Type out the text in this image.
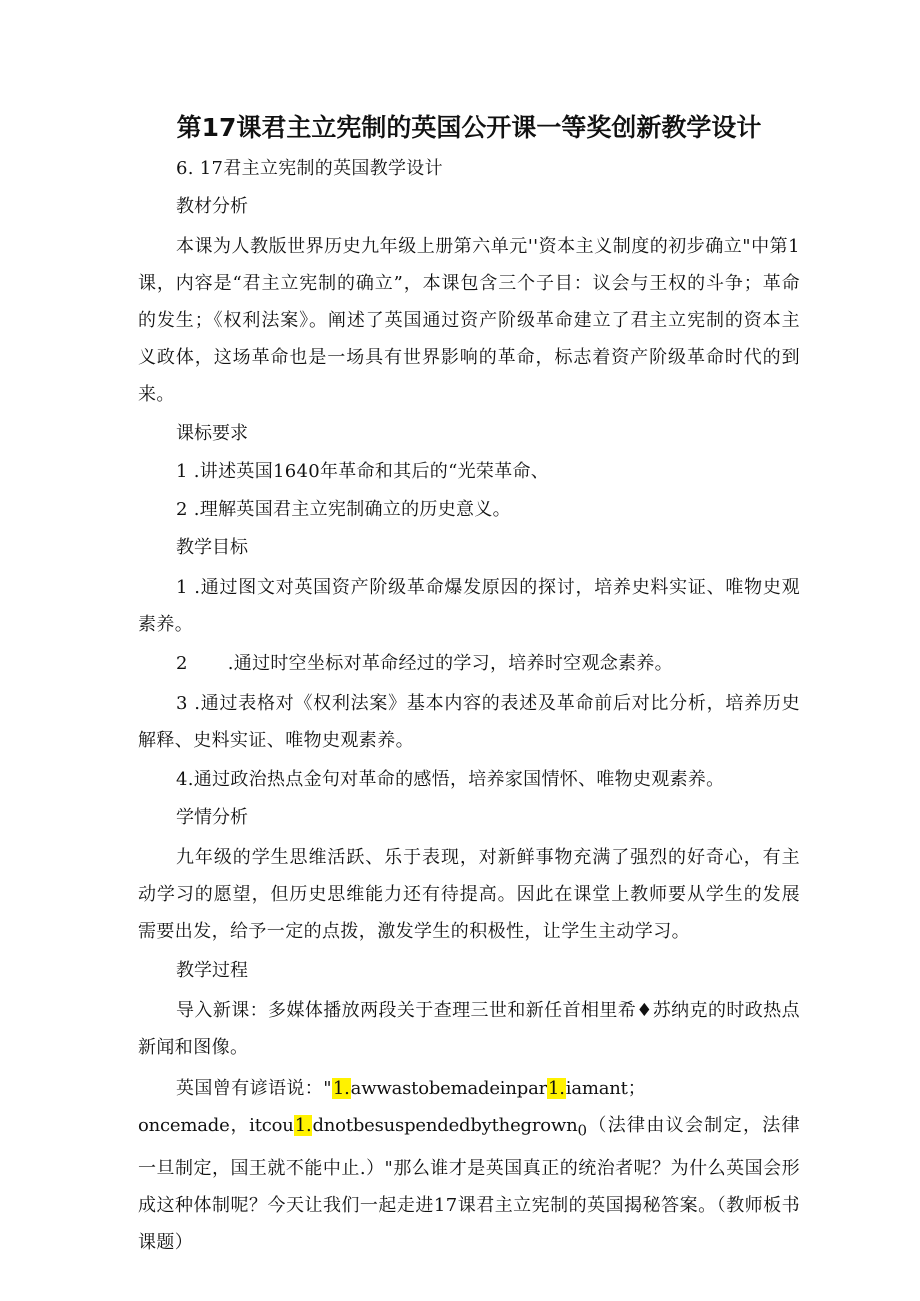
第17课君主立宪制的英国公开课一等奖创新教学设计
6. 17君主立宪制的英国教学设计
教材分析
本课为人教版世界历史九年级上册第六单元''资本主义制度的初步确立"中第1课，内容是“君主立宪制的确立”，本课包含三个子目：议会与王权的斗争；革命的发生；《权利法案》。阐述了英国通过资产阶级革命建立了君主立宪制的资本主义政体，这场革命也是一场具有世界影响的革命，标志着资产阶级革命时代的到来。
课标要求
1 .讲述英国1640年革命和其后的“光荣革命、
2 .理解英国君主立宪制确立的历史意义。
教学目标
1 .通过图文对英国资产阶级革命爆发原因的探讨，培养史料实证、唯物史观素养。
2 .通过时空坐标对革命经过的学习，培养时空观念素养。
3 .通过表格对《权利法案》基本内容的表述及革命前后对比分析，培养历史解释、史料实证、唯物史观素养。
4.通过政治热点金句对革命的感悟，培养家国情怀、唯物史观素养。
学情分析
九年级的学生思维活跃、乐于表现，对新鲜事物充满了强烈的好奇心，有主动学习的愿望，但历史思维能力还有待提高。因此在课堂上教师要从学生的发展需要出发，给予一定的点拨，激发学生的积极性，让学生主动学习。
教学过程
导入新课：多媒体播放两段关于查理三世和新任首相里希♦苏纳克的时政热点新闻和图像。
英国曾有谚语说："1.awwastobemadeinpar1.iamant；
oncemade，itcou1.dnotbesuspendedbythegrown$_0$（法律由议会制定，法律一旦制定，国王就不能中止.）"那么谁才是英国真正的统治者呢？为什么英国会形成这种体制呢？今天让我们一起走进17课君主立宪制的英国揭秘答案。（教师板书课题）
